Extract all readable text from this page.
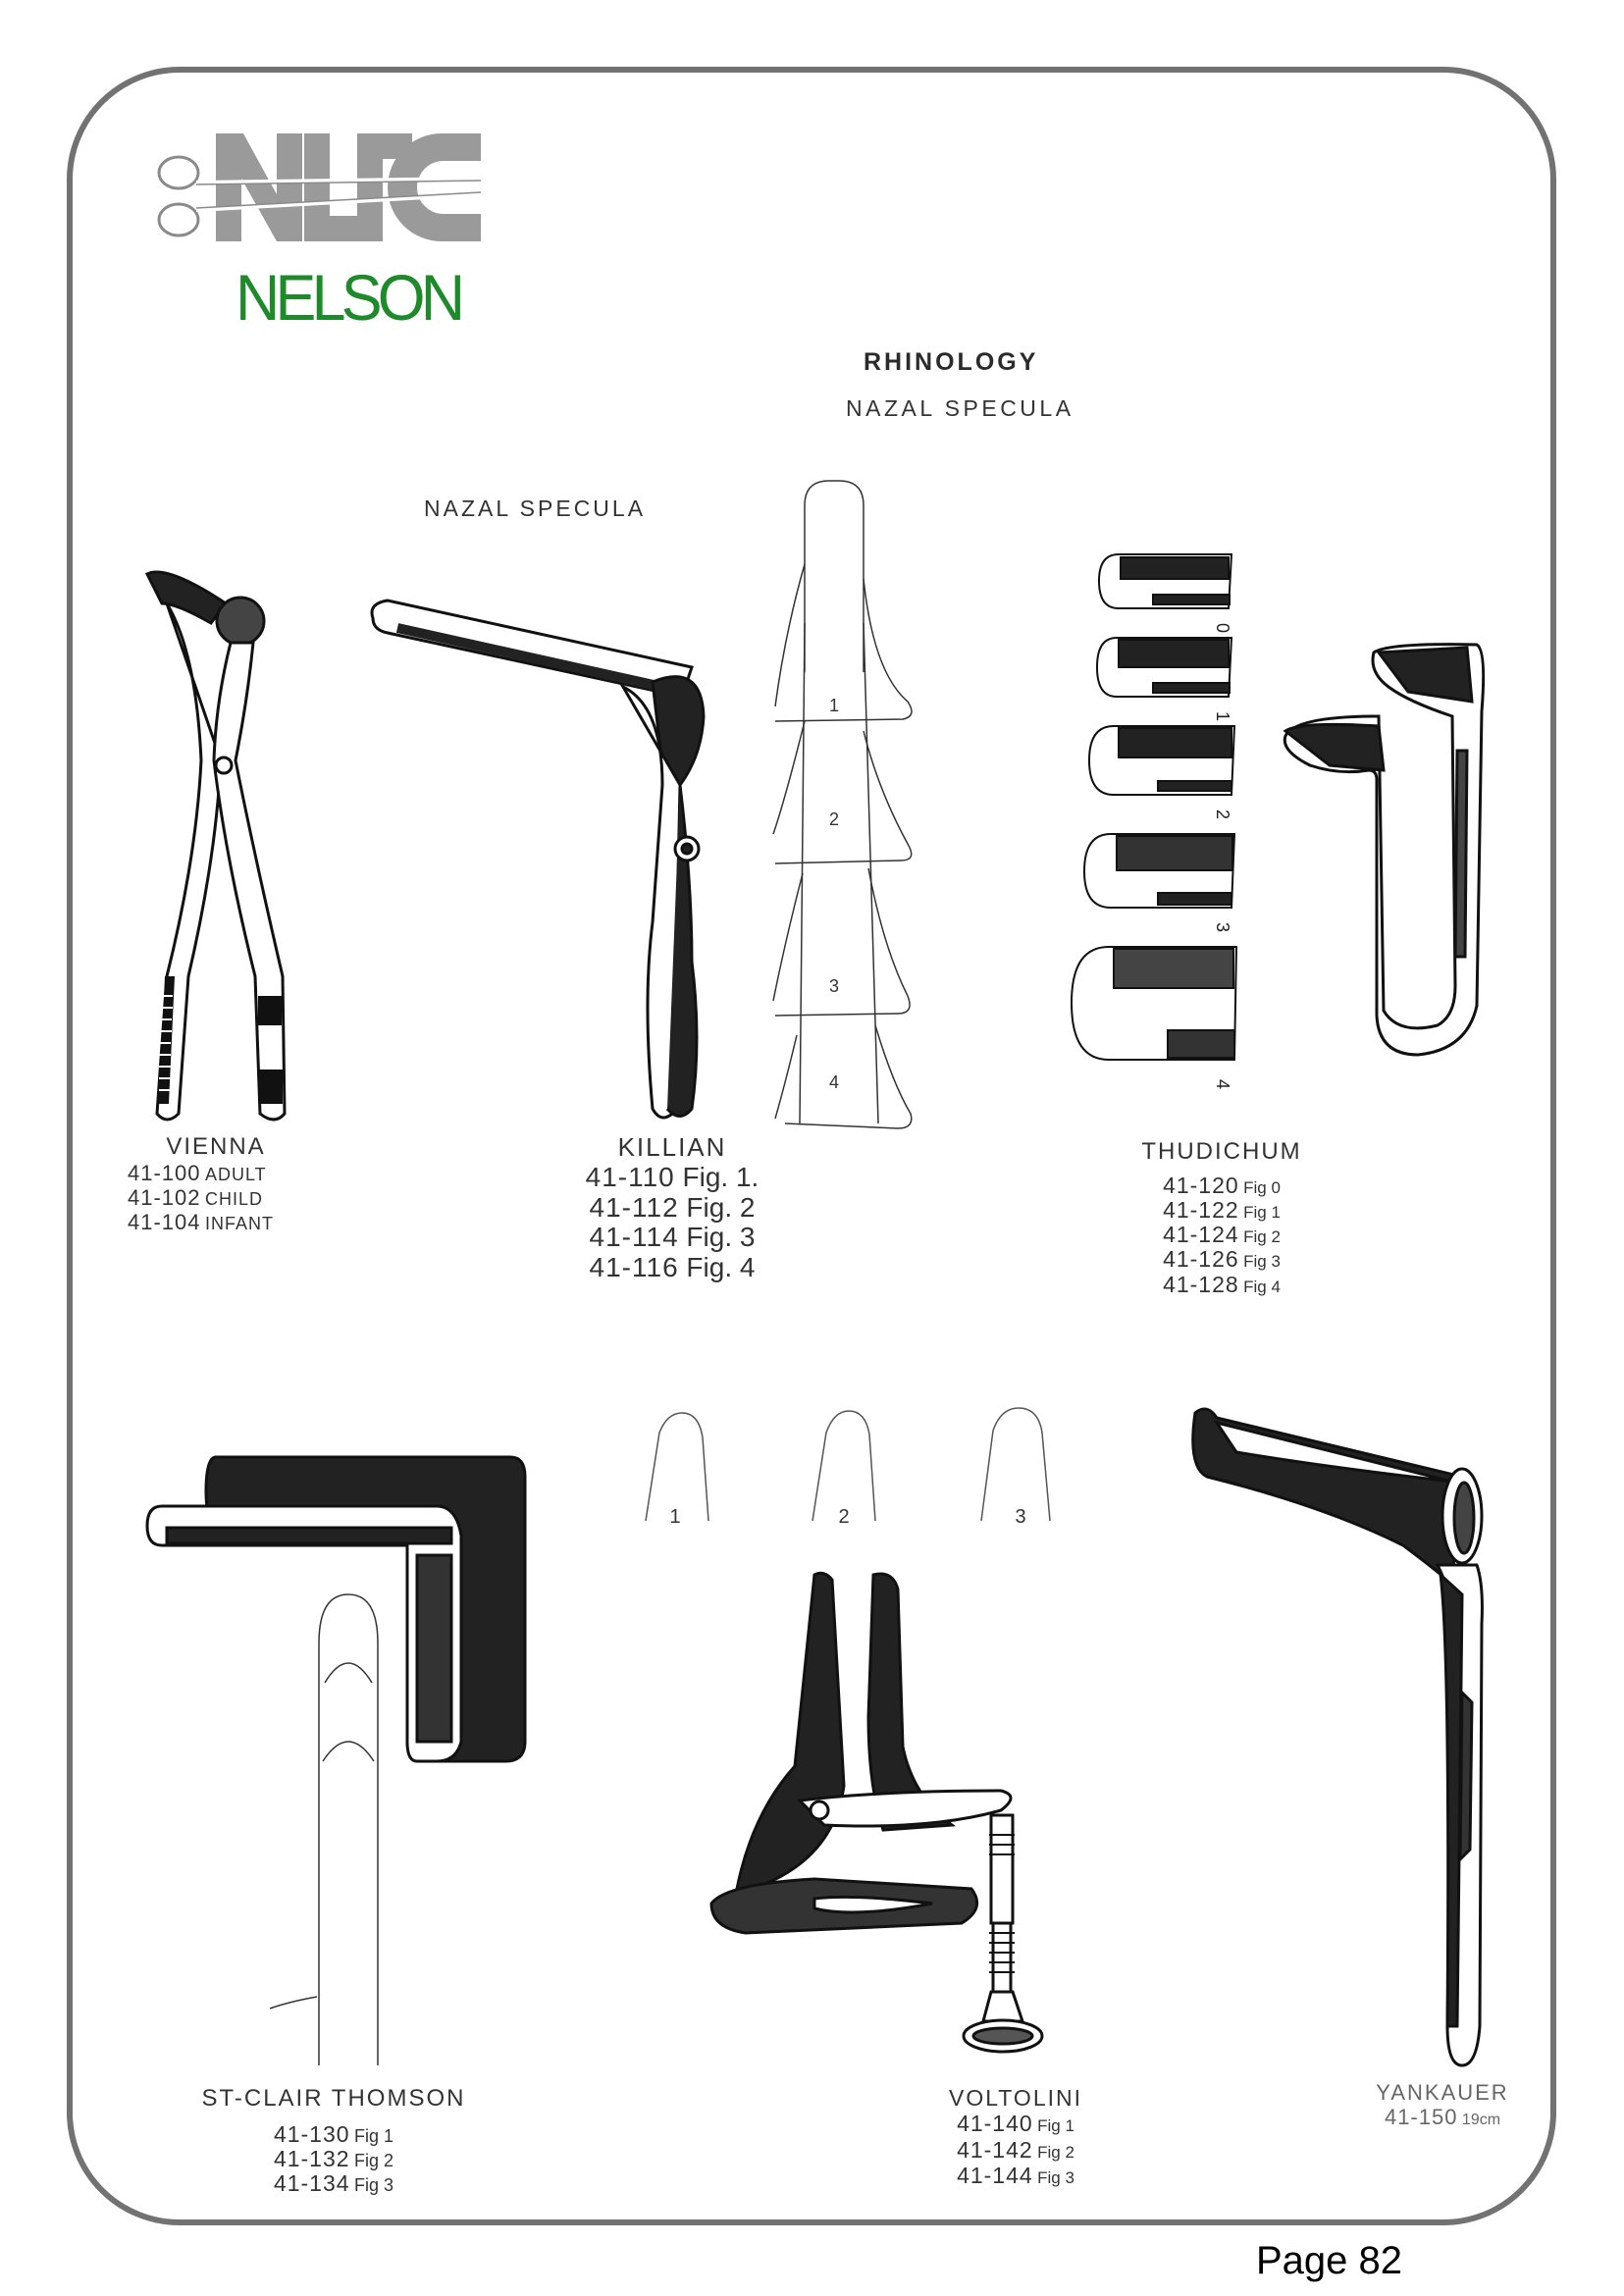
NELSON
RHINOLOGY
NAZAL SPECULA
NAZAL SPECULA
1
2
3
4
0
1
2
3
4
1	2	3
VIENNA
41-100 ADULT
41-102 CHILD
41-104 INFANT
KILLIAN
41-110 Fig. 1.
41-112 Fig. 2
41-114 Fig. 3
41-116 Fig. 4
THUDICHUM
41-120 Fig 0
41-122 Fig 1
41-124 Fig 2
41-126 Fig 3
41-128 Fig 4
ST-CLAIR THOMSON
41-130 Fig 1
41-132 Fig 2
41-134 Fig 3
VOLTOLINI
41-140 Fig 1
41-142 Fig 2
41-144 Fig 3
YANKAUER
41-150 19cm
Page 82
